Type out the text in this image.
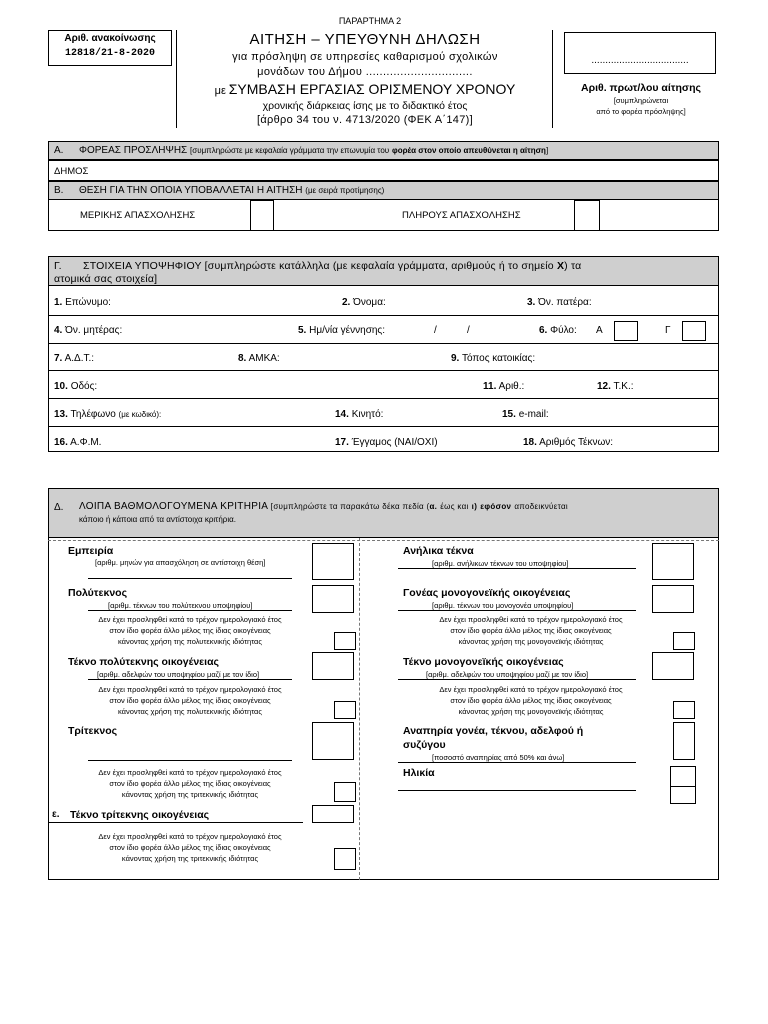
ΠΑΡΑΡΤΗΜΑ 2
Αριθ. ανακοίνωσης
12818/21-8-2020
ΑΙΤΗΣΗ – ΥΠΕΥΘΥΝΗ ΔΗΛΩΣΗ
για πρόσληψη σε υπηρεσίες καθαρισμού σχολικών
μονάδων του Δήμου ...............................
με ΣΥΜΒΑΣΗ ΕΡΓΑΣΙΑΣ ΟΡΙΣΜΕΝΟΥ ΧΡΟΝΟΥ
χρονικής διάρκειας ίσης με το διδακτικό έτος
[άρθρο 34 του ν. 4713/2020 (ΦΕΚ Α΄147)]
...................................
Αριθ. πρωτ/λου αίτησης
[συμπληρώνεται
από το φορέα πρόσληψης]
Α. ΦΟΡΕΑΣ ΠΡΟΣΛΗΨΗΣ [συμπληρώστε με κεφαλαία γράμματα την επωνυμία του φορέα στον οποίο απευθύνεται η αίτηση]
ΔΗΜΟΣ
Β. ΘΕΣΗ ΓΙΑ ΤΗΝ ΟΠΟΙΑ ΥΠΟΒΑΛΛΕΤΑΙ Η ΑΙΤΗΣΗ (με σειρά προτίμησης)
ΜΕΡΙΚΗΣ ΑΠΑΣΧΟΛΗΣΗΣ	ΠΛΗΡΟΥΣ ΑΠΑΣΧΟΛΗΣΗΣ
Γ. ΣΤΟΙΧΕΙΑ ΥΠΟΨΗΦΙΟΥ [συμπληρώστε κατάλληλα (με κεφαλαία γράμματα, αριθμούς ή το σημείο Χ) τα
ατομικά σας στοιχεία]
1. Επώνυμο:	2. Όνομα:	3. Όν. πατέρα:
4. Όν. μητέρας:	5. Ημ/νία γέννησης:	/	/	6. Φύλο: Α	Γ
7. Α.Δ.Τ.:	8. ΑΜΚΑ:	9. Τόπος κατοικίας:
10. Οδός:	11. Αριθ.:	12. Τ.Κ.:
13. Τηλέφωνο (με κωδικό):	14. Κινητό:	15. e-mail:
16. Α.Φ.Μ.	17. Έγγαμος (ΝΑΙ/ΟΧΙ)	18. Αριθμός Τέκνων:
Δ. ΛΟΙΠΑ ΒΑΘΜΟΛΟΓΟΥΜΕΝΑ ΚΡΙΤΗΡΙΑ [συμπληρώστε τα παρακάτω δέκα πεδία (α. έως και ι) εφόσον αποδεικνύεται
κάποιο ή κάποια από τα αντίστοιχα κριτήρια.
Εμπειρία
[αριθμ. μηνών για απασχόληση σε αντίστοιχη θέση]
Πολύτεκνος
[αριθμ. τέκνων του πολύτεκνου υποψηφίου]
Δεν έχει προσληφθεί κατά το τρέχον ημερολογιακό έτος
στον ίδιο φορέα άλλο μέλος της ίδιας οικογένειας
κάνοντας χρήση της πολυτεκνικής ιδιότητας
Τέκνο πολύτεκνης οικογένειας
[αριθμ. αδελφών του υποψηφίου μαζί με τον ίδιο]
Δεν έχει προσληφθεί κατά το τρέχον ημερολογιακό έτος
στον ίδιο φορέα άλλο μέλος της ίδιας οικογένειας
κάνοντας χρήση της πολυτεκνικής ιδιότητας
Τρίτεκνος
Δεν έχει προσληφθεί κατά το τρέχον ημερολογιακό έτος
στον ίδιο φορέα άλλο μέλος της ίδιας οικογένειας
κάνοντας χρήση της τριτεκνικής ιδιότητας
ε. Τέκνο τρίτεκνης οικογένειας
Δεν έχει προσληφθεί κατά το τρέχον ημερολογιακό έτος
στον ίδιο φορέα άλλο μέλος της ίδιας οικογένειας
κάνοντας χρήση της τριτεκνικής ιδιότητας
Ανήλικα τέκνα
[αριθμ. ανήλικων τέκνων του υποψηφίου]
Γονέας μονογονεϊκής οικογένειας
[αριθμ. τέκνων του μονογονέα υποψηφίου]
Δεν έχει προσληφθεί κατά το τρέχον ημερολογιακό έτος
στον ίδιο φορέα άλλο μέλος της ίδιας οικογένειας
κάνοντας χρήση της μονογονεϊκής ιδιότητας
Τέκνο μονογονεϊκής οικογένειας
[αριθμ. αδελφών του υποψηφίου μαζί με τον ίδιο]
Δεν έχει προσληφθεί κατά το τρέχον ημερολογιακό έτος
στον ίδιο φορέα άλλο μέλος της ίδιας οικογένειας
κάνοντας χρήση της μονογονεϊκής ιδιότητας
Αναπηρία γονέα, τέκνου, αδελφού ή
συζύγου
[ποσοστό αναπηρίας από 50% και άνω]
Ηλικία
